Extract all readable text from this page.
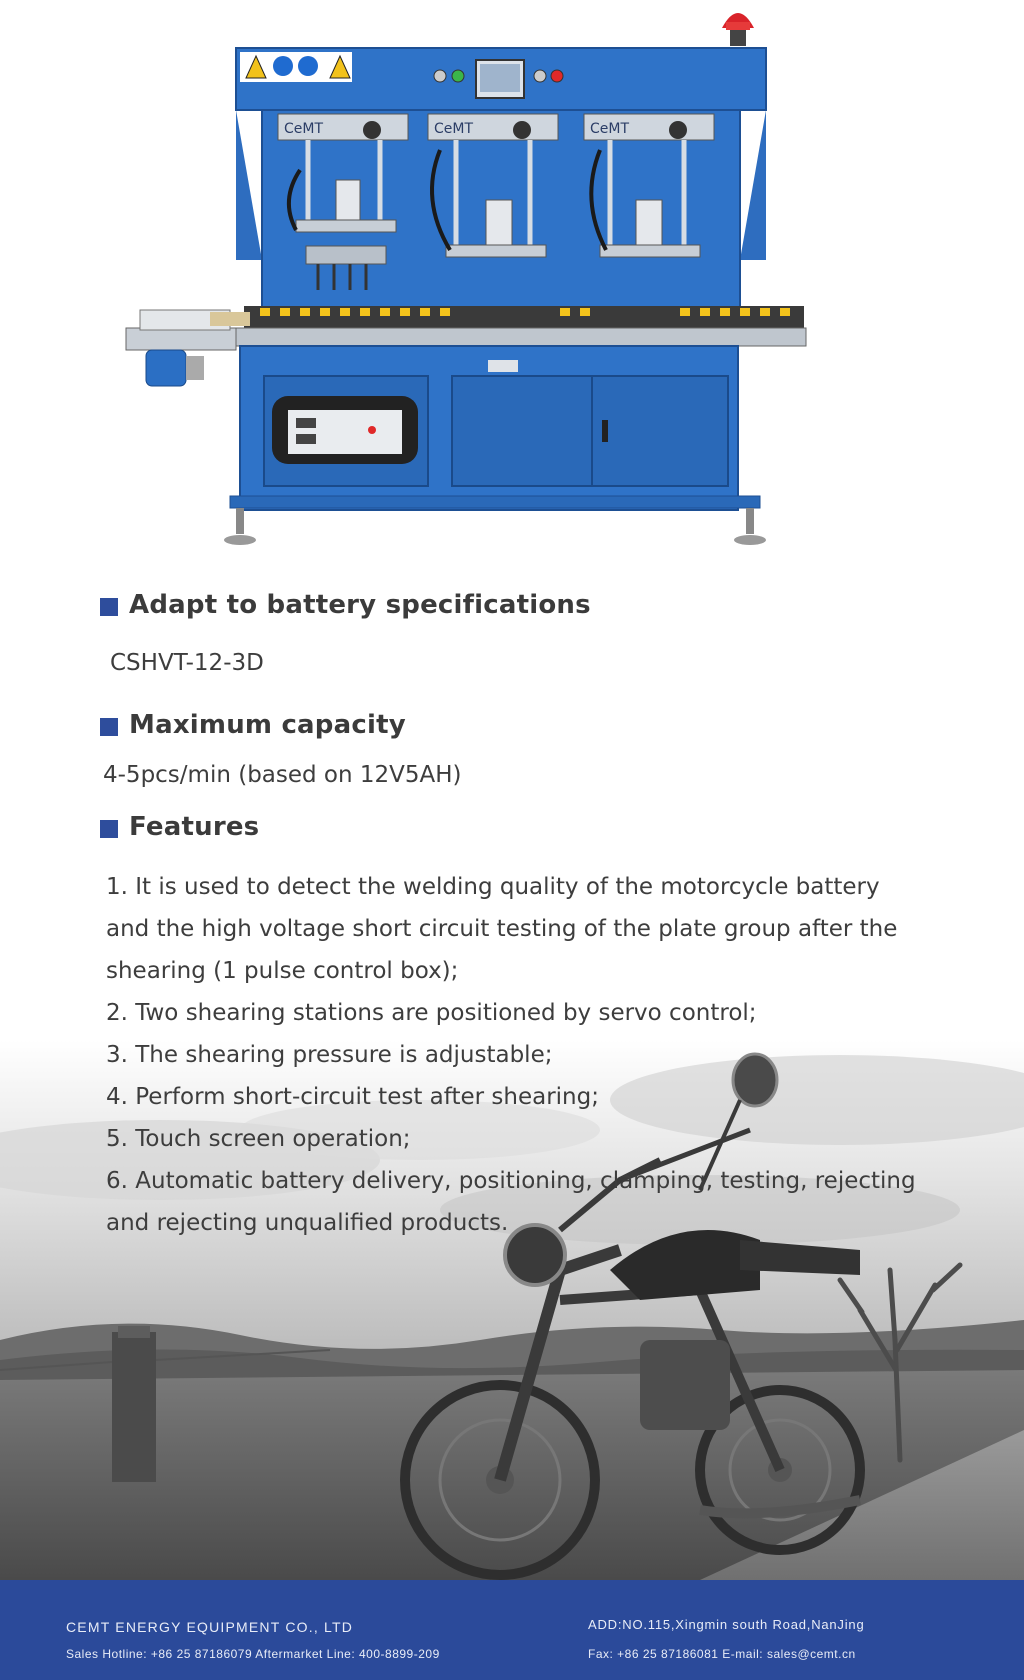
CeMT	CeMT	CeMT
Adapt to battery specifications
CSHVT-12-3D
Maximum capacity
4-5pcs/min (based on 12V5AH)
Features
1. It is used to detect the welding quality of the motorcycle battery
and the high voltage short circuit testing of the plate group after the
shearing (1 pulse control box);
2. Two shearing stations are positioned by servo control;
3. The shearing pressure is adjustable;
4. Perform short-circuit test after shearing;
5. Touch screen operation;
6. Automatic battery delivery, positioning, clamping, testing, rejecting
and rejecting unqualified products.
CEMT ENERGY EQUIPMENT CO., LTD
Sales Hotline: +86 25 87186079 Aftermarket Line: 400-8899-209
ADD:NO.115,Xingmin south Road,NanJing
Fax: +86 25 87186081 E-mail: sales@cemt.cn
